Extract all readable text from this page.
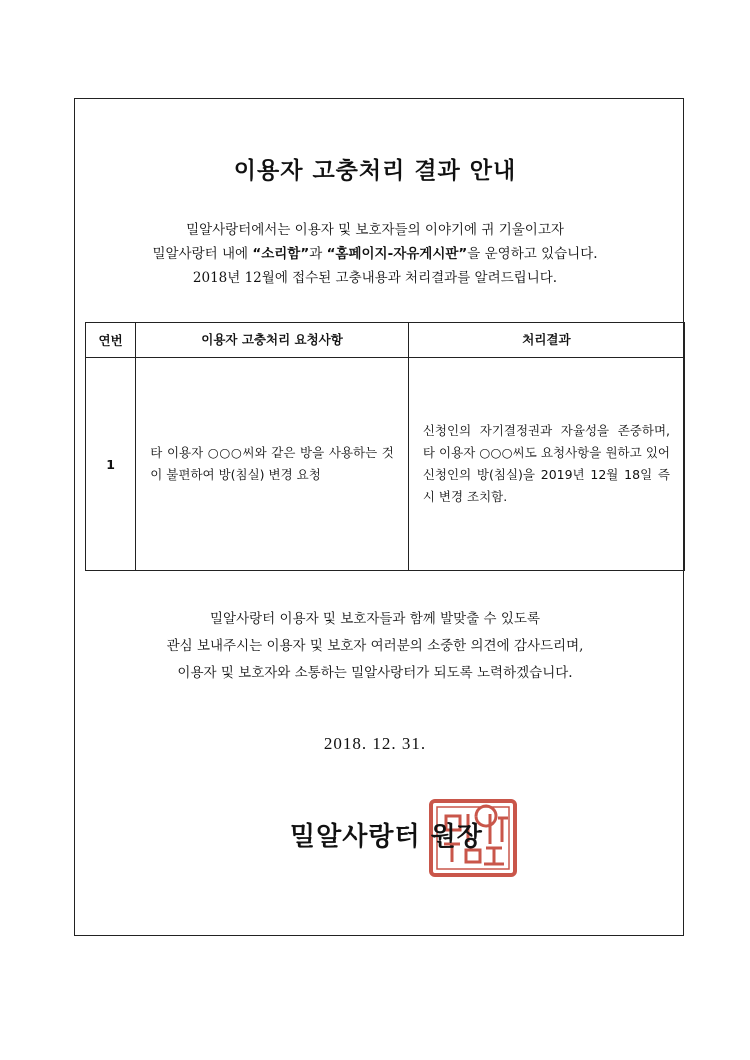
이용자 고충처리 결과 안내
밀알사랑터에서는 이용자 및 보호자들의 이야기에 귀 기울이고자
밀알사랑터 내에 “소리함”과 “홈페이지-자유게시판”을 운영하고 있습니다.
2018년 12월에 접수된 고충내용과 처리결과를 알려드립니다.
연번	이용자 고충처리 요청사항	처리결과
1	타 이용자 ○○○씨와 같은 방을 사용하는 것이 불편하여 방(침실) 변경 요청	신청인의 자기결정권과 자율성을 존중하며, 타 이용자 ○○○씨도 요청사항을 원하고 있어 신청인의 방(침실)을 2019년 12월 18일 즉시 변경 조치함.
밀알사랑터 이용자 및 보호자들과 함께 발맞출 수 있도록
관심 보내주시는 이용자 및 보호자 여러분의 소중한 의견에 감사드리며,
이용자 및 보호자와 소통하는 밀알사랑터가 되도록 노력하겠습니다.
2018. 12. 31.
밀알사랑터 원장
